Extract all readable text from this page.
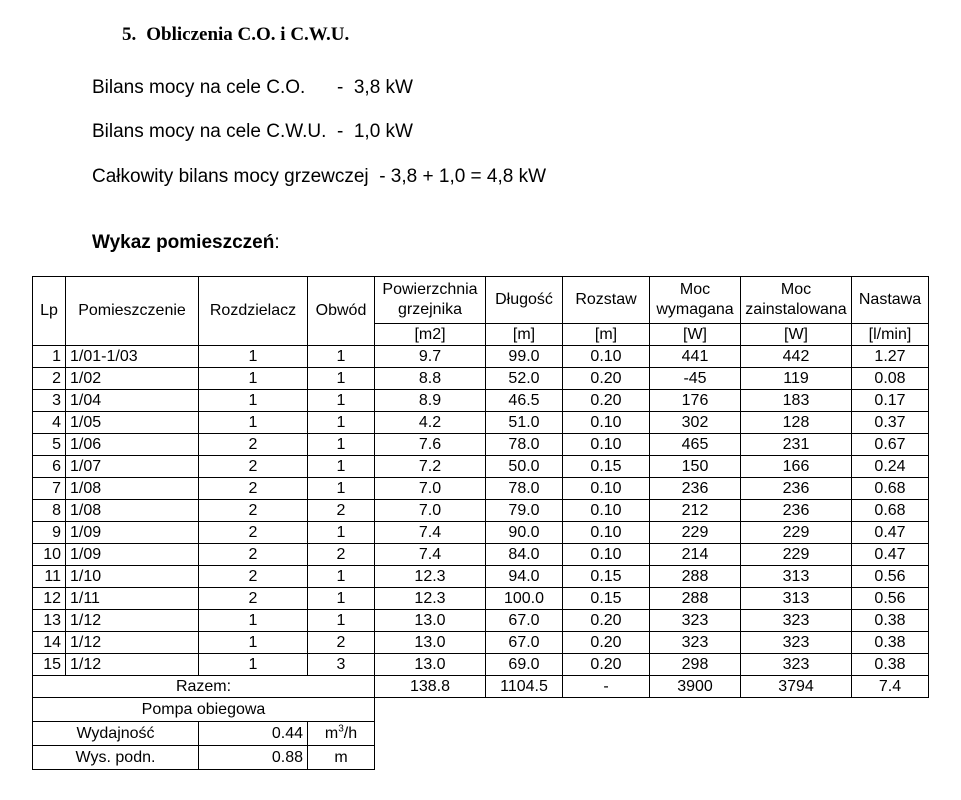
5. Obliczenia C.O. i C.W.U.
Bilans mocy na cele C.O.      -  3,8 kW
Bilans mocy na cele C.W.U.  -  1,0 kW
Całkowity bilans mocy grzewczej  - 3,8 + 1,0 = 4,8 kW
Wykaz pomieszczeń:
Lp	Pomieszczenie	Rozdzielacz	Obwód	Powierzchnia grzejnika	Długość	Rozstaw	Moc wymagana	Moc zainstalowana	Nastawa
				[m2]	[m]	[m]	[W]	[W]	[l/min]
1	1/01-1/03	1	1	9.7	99.0	0.10	441	442	1.27
2	1/02	1	1	8.8	52.0	0.20	-45	119	0.08
3	1/04	1	1	8.9	46.5	0.20	176	183	0.17
4	1/05	1	1	4.2	51.0	0.10	302	128	0.37
5	1/06	2	1	7.6	78.0	0.10	465	231	0.67
6	1/07	2	1	7.2	50.0	0.15	150	166	0.24
7	1/08	2	1	7.0	78.0	0.10	236	236	0.68
8	1/08	2	2	7.0	79.0	0.10	212	236	0.68
9	1/09	2	1	7.4	90.0	0.10	229	229	0.47
10	1/09	2	2	7.4	84.0	0.10	214	229	0.47
11	1/10	2	1	12.3	94.0	0.15	288	313	0.56
12	1/11	2	1	12.3	100.0	0.15	288	313	0.56
13	1/12	1	1	13.0	67.0	0.20	323	323	0.38
14	1/12	1	2	13.0	67.0	0.20	323	323	0.38
15	1/12	1	3	13.0	69.0	0.20	298	323	0.38
Razem:				138.8	1104.5	-	3900	3794	7.4
Pompa obiegowa									
Wydajność		0.44	$m^3/h$						
Wys. podn.		0.88	m						
